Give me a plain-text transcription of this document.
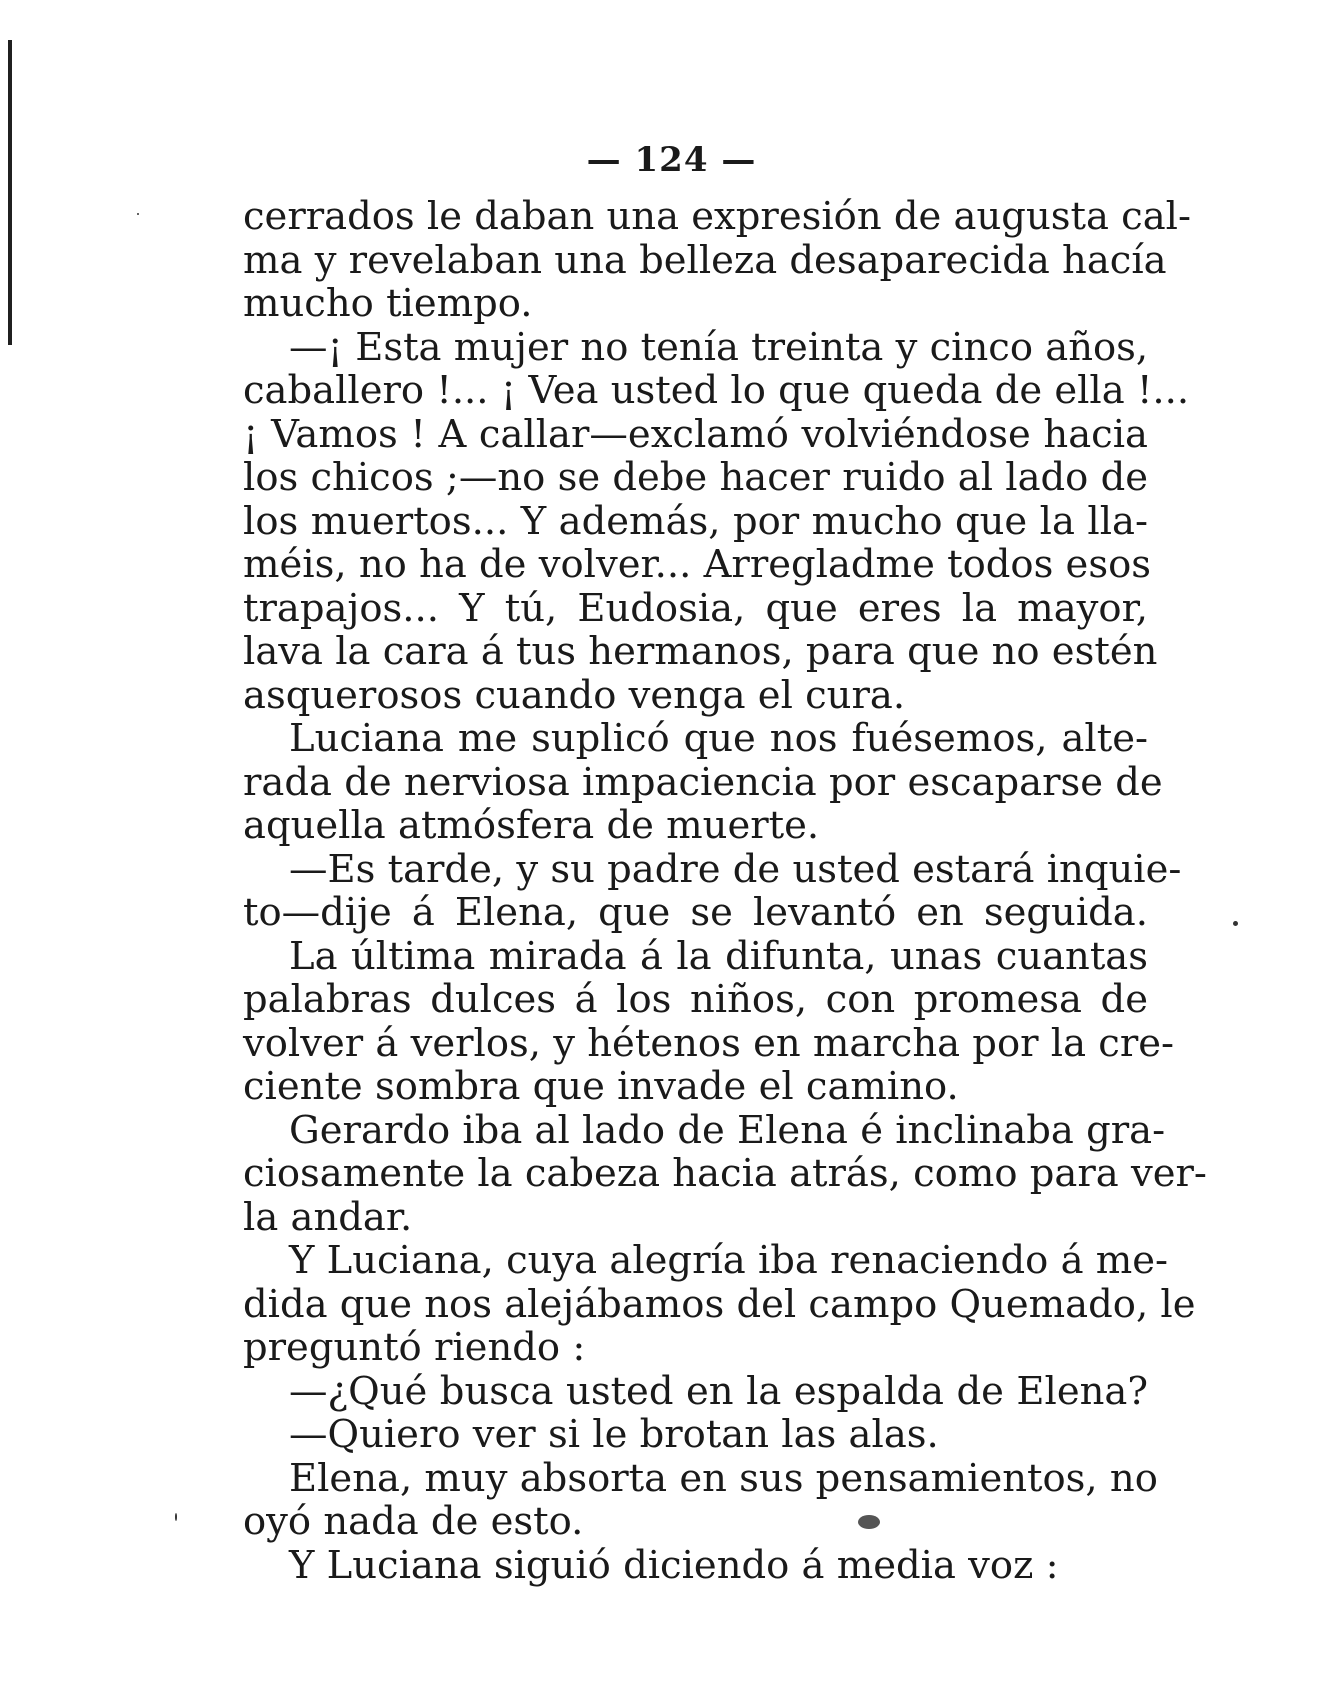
— 124 —
cerrados le daban una expresión de augusta cal-
ma y revelaban una belleza desaparecida hacía
mucho tiempo.
—¡ Esta mujer no tenía treinta y cinco años,
caballero !... ¡ Vea usted lo que queda de ella !...
¡ Vamos ! A callar—exclamó volviéndose hacia
los chicos ;—no se debe hacer ruido al lado de
los muertos... Y además, por mucho que la lla-
méis, no ha de volver... Arregladme todos esos
trapajos... Y tú, Eudosia, que eres la mayor,
lava la cara á tus hermanos, para que no estén
asquerosos cuando venga el cura.
Luciana me suplicó que nos fuésemos, alte-
rada de nerviosa impaciencia por escaparse de
aquella atmósfera de muerte.
—Es tarde, y su padre de usted estará inquie-
to—dije á Elena, que se levantó en seguida.
La última mirada á la difunta, unas cuantas
palabras dulces á los niños, con promesa de
volver á verlos, y hétenos en marcha por la cre-
ciente sombra que invade el camino.
Gerardo iba al lado de Elena é inclinaba gra-
ciosamente la cabeza hacia atrás, como para ver-
la andar.
Y Luciana, cuya alegría iba renaciendo á me-
dida que nos alejábamos del campo Quemado, le
preguntó riendo :
—¿Qué busca usted en la espalda de Elena?
—Quiero ver si le brotan las alas.
Elena, muy absorta en sus pensamientos, no
oyó nada de esto.
Y Luciana siguió diciendo á media voz :
